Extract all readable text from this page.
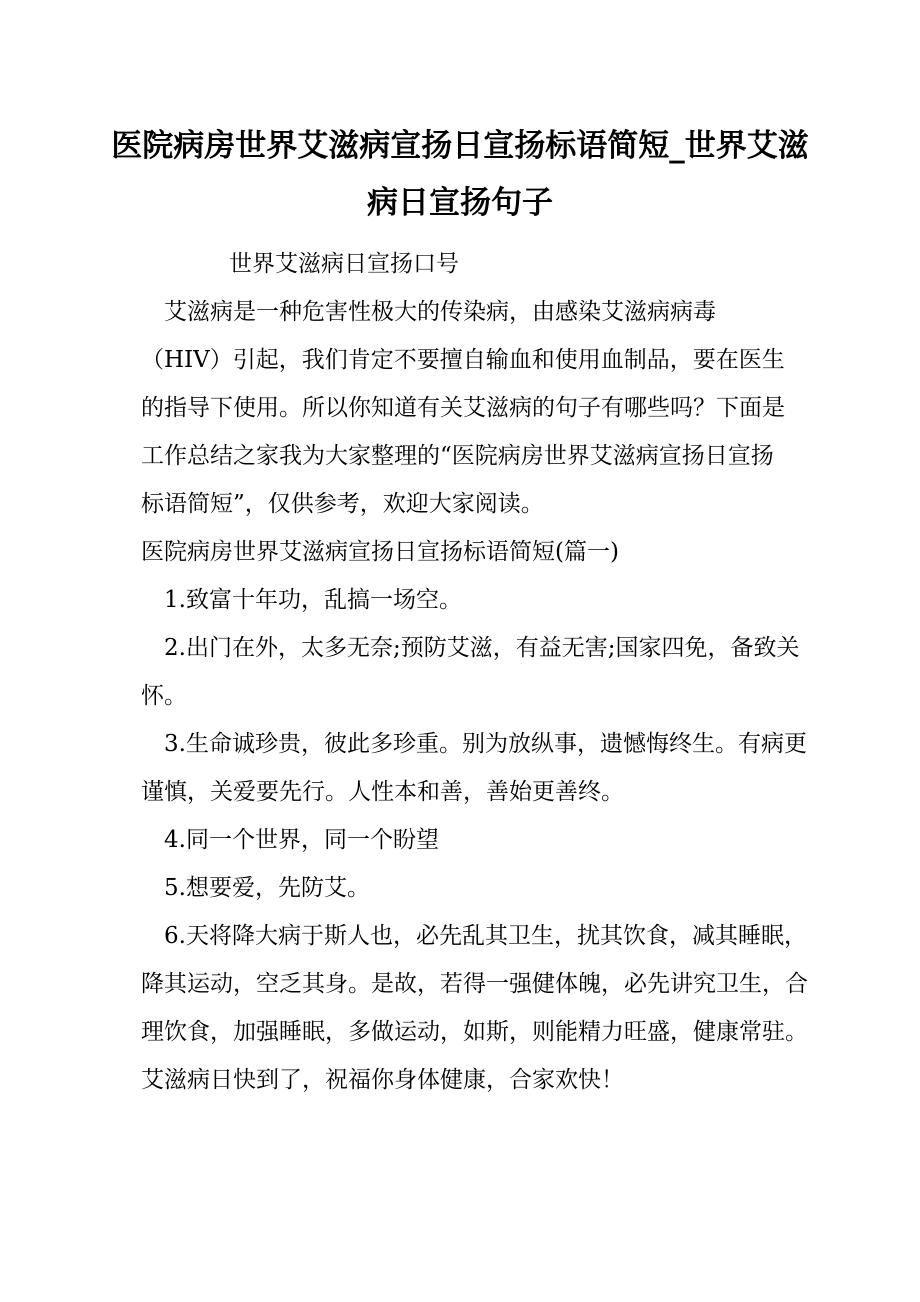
医院病房世界艾滋病宣扬日宣扬标语简短_世界艾滋病日宣扬句子

世界艾滋病日宣扬口号

艾滋病是一种危害性极大的传染病，由感染艾滋病病毒（HIV）引起，我们肯定不要擅自输血和使用血制品，要在医生的指导下使用。所以你知道有关艾滋病的句子有哪些吗？下面是工作总结之家我为大家整理的“医院病房世界艾滋病宣扬日宣扬标语简短”，仅供参考，欢迎大家阅读。

医院病房世界艾滋病宣扬日宣扬标语简短(篇一)

1.致富十年功，乱搞一场空。
2.出门在外，太多无奈;预防艾滋，有益无害;国家四免，备致关怀。
3.生命诚珍贵，彼此多珍重。别为放纵事，遗憾悔终生。有病更谨慎，关爱要先行。人性本和善，善始更善终。
4.同一个世界，同一个盼望
5.想要爱，先防艾。
6.天将降大病于斯人也，必先乱其卫生，扰其饮食，减其睡眠，降其运动，空乏其身。是故，若得一强健体魄，必先讲究卫生，合理饮食，加强睡眠，多做运动，如斯，则能精力旺盛，健康常驻。艾滋病日快到了，祝福你身体健康，合家欢快！
